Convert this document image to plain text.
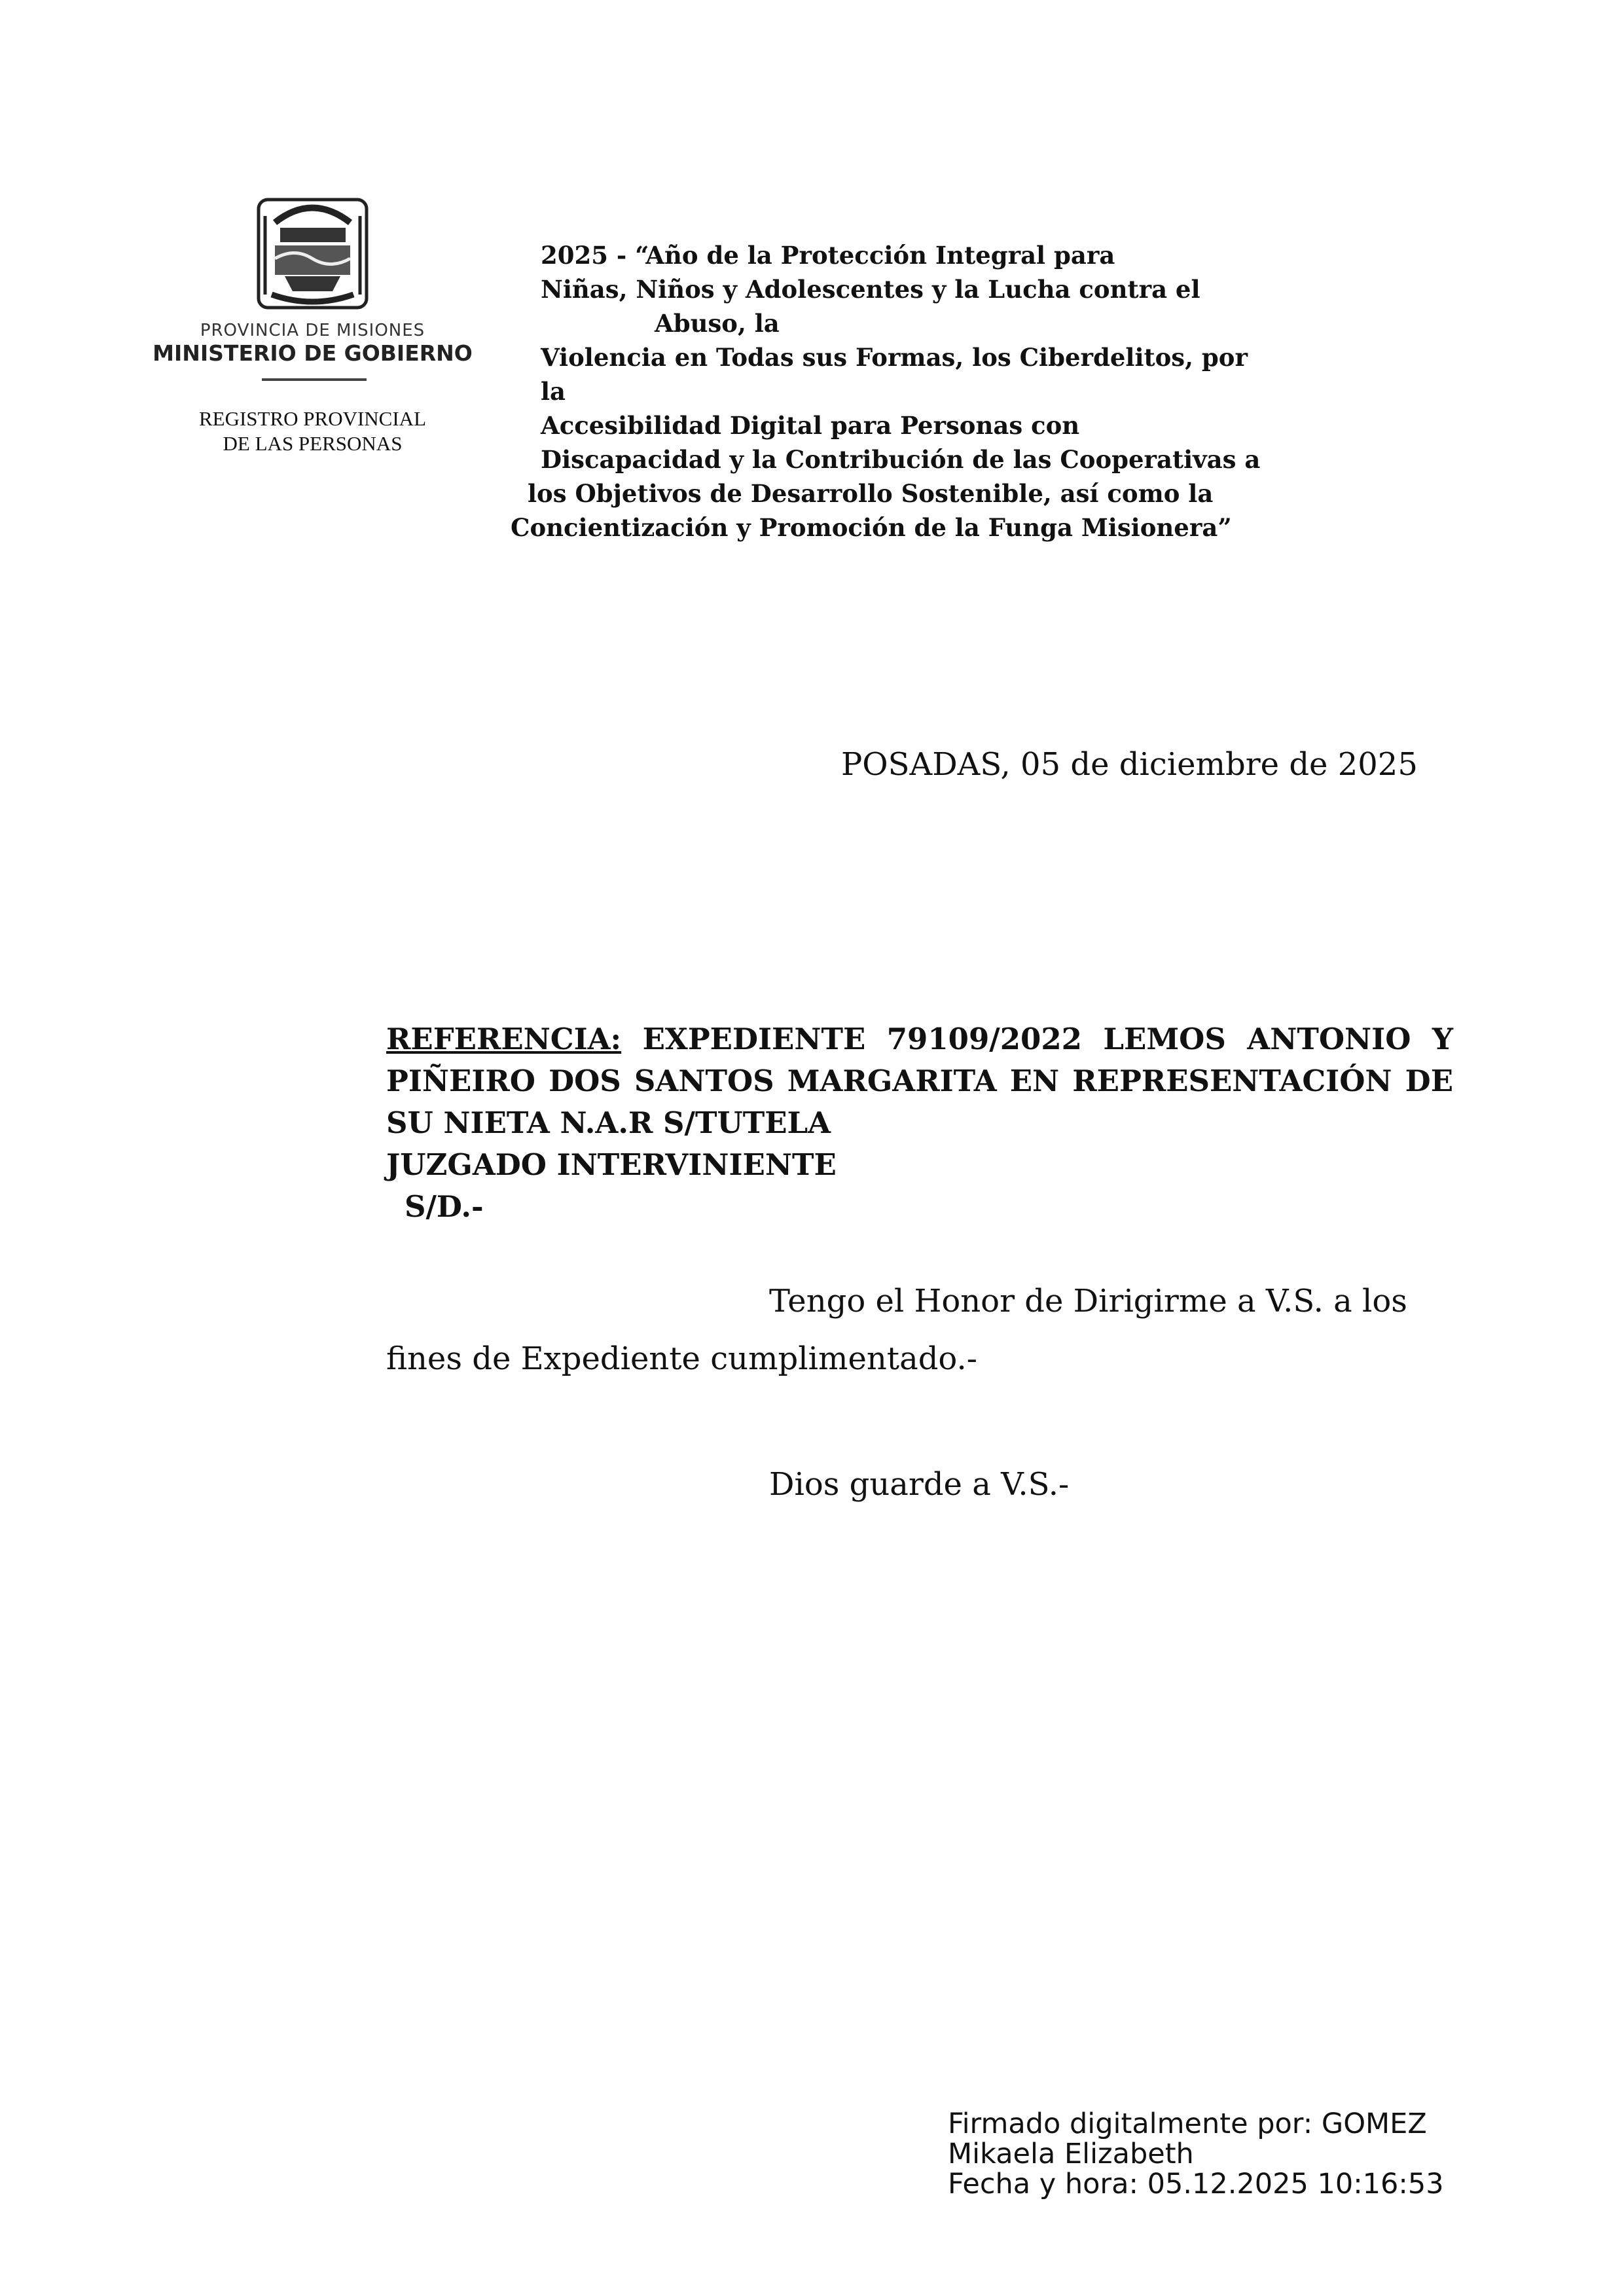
PROVINCIA DE MISIONES
MINISTERIO DE GOBIERNO
REGISTRO PROVINCIAL
DE LAS PERSONAS
2025 - “Año de la Protección Integral para
Niñas, Niños y Adolescentes y la Lucha contra el
Abuso, la
Violencia en Todas sus Formas, los Ciberdelitos, por
la
Accesibilidad Digital para Personas con
Discapacidad y la Contribución de las Cooperativas a
los Objetivos de Desarrollo Sostenible, así como la
Concientización y Promoción de la Funga Misionera”
POSADAS, 05 de diciembre de 2025
REFERENCIA: EXPEDIENTE 79109/2022 LEMOS ANTONIO Y
PIÑEIRO DOS SANTOS MARGARITA EN REPRESENTACIÓN DE
SU NIETA N.A.R S/TUTELA
JUZGADO INTERVINIENTE
S/D.-
Tengo el Honor de Dirigirme a V.S. a los
fines de Expediente cumplimentado.-
Dios guarde a V.S.-
Firmado digitalmente por: GOMEZ
Mikaela Elizabeth
Fecha y hora: 05.12.2025 10:16:53
